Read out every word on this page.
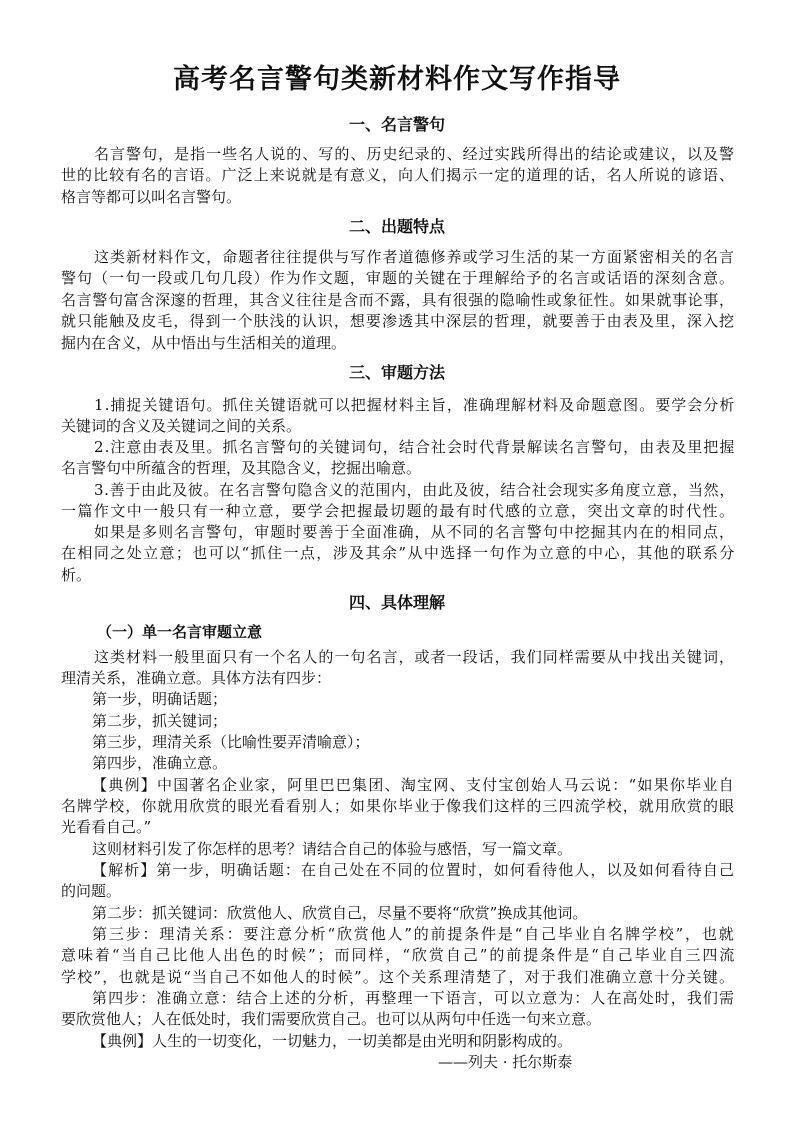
高考名言警句类新材料作文写作指导
一、名言警句
名言警句，是指一些名人说的、写的、历史纪录的、经过实践所得出的结论或建议，以及警
世的比较有名的言语。广泛上来说就是有意义，向人们揭示一定的道理的话，名人所说的谚语、
格言等都可以叫名言警句。
二、出题特点
这类新材料作文，命题者往往提供与写作者道德修养或学习生活的某一方面紧密相关的名言
警句（一句一段或几句几段）作为作文题，审题的关键在于理解给予的名言或话语的深刻含意。
名言警句富含深邃的哲理，其含义往往是含而不露，具有很强的隐喻性或象征性。如果就事论事，
就只能触及皮毛，得到一个肤浅的认识，想要渗透其中深层的哲理，就要善于由表及里，深入挖
掘内在含义，从中悟出与生活相关的道理。
三、审题方法
1.捕捉关键语句。抓住关键语就可以把握材料主旨，准确理解材料及命题意图。要学会分析
关键词的含义及关键词之间的关系。
2.注意由表及里。抓名言警句的关键词句，结合社会时代背景解读名言警句，由表及里把握
名言警句中所蕴含的哲理，及其隐含义，挖掘出喻意。
3.善于由此及彼。在名言警句隐含义的范围内，由此及彼，结合社会现实多角度立意，当然，
一篇作文中一般只有一种立意，要学会把握最切题的最有时代感的立意，突出文章的时代性。
如果是多则名言警句，审题时要善于全面准确，从不同的名言警句中挖掘其内在的相同点，
在相同之处立意；也可以“抓住一点，涉及其余”从中选择一句作为立意的中心，其他的联系分
析。
四、具体理解
（一）单一名言审题立意
这类材料一般里面只有一个名人的一句名言，或者一段话，我们同样需要从中找出关键词，
理清关系，准确立意。具体方法有四步：
第一步，明确话题；
第二步，抓关键词；
第三步，理清关系（比喻性要弄清喻意）；
第四步，准确立意。
【典例】中国著名企业家，阿里巴巴集团、淘宝网、支付宝创始人马云说：“如果你毕业自
名牌学校，你就用欣赏的眼光看看别人；如果你毕业于像我们这样的三四流学校，就用欣赏的眼
光看看自己。”
这则材料引发了你怎样的思考？请结合自己的体验与感悟，写一篇文章。
【解析】第一步，明确话题：在自己处在不同的位置时，如何看待他人，以及如何看待自己
的问题。
第二步：抓关键词：欣赏他人、欣赏自己，尽量不要将“欣赏”换成其他词。
第三步：理清关系：要注意分析“欣赏他人”的前提条件是“自己毕业自名牌学校”，也就
意味着“当自己比他人出色的时候”；而同样，“欣赏自己”的前提条件是“自己毕业自三四流
学校”，也就是说“当自己不如他人的时候”。这个关系理清楚了，对于我们准确立意十分关键。
第四步：准确立意：结合上述的分析，再整理一下语言，可以立意为：人在高处时，我们需
要欣赏他人；人在低处时，我们需要欣赏自己。也可以从两句中任选一句来立意。
【典例】人生的一切变化，一切魅力，一切美都是由光明和阴影构成的。
——列夫 · 托尔斯泰
